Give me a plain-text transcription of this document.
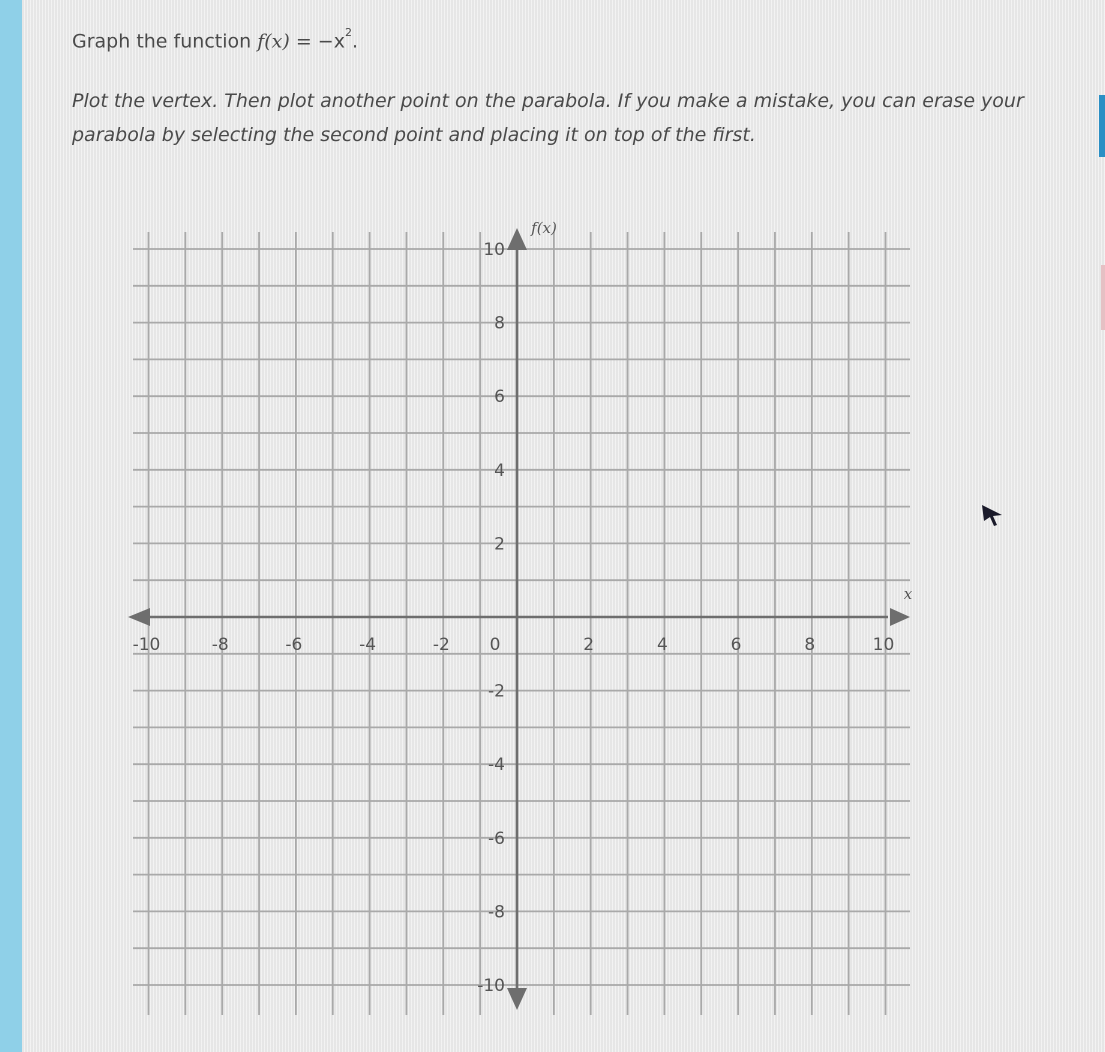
Graph the function $f(x) = -x^2$.
Plot the vertex. Then plot another point on the parabola. If you make a mistake, you can erase your parabola by selecting the second point and placing it on top of the first.
x
f(x)
-10	-8	-6	-4	-2 0	2	4	6	8	10
10
8
6
4
2
-2
-4
-6
-8
-10
